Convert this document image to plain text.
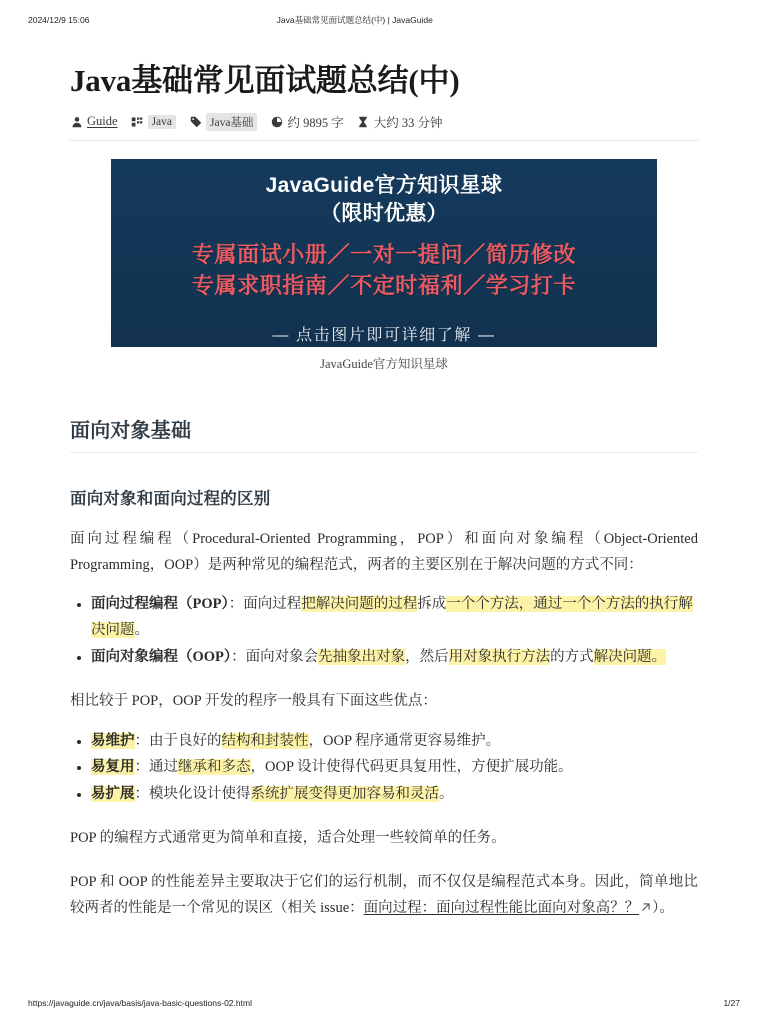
2024/12/9 15:06	Java基础常见面试题总结(中) | JavaGuide
Java基础常见面试题总结(中)
Guide	Java	Java基础	约 9895 字 大约 33 分钟
JavaGuide官方知识星球
（限时优惠）
专属面试小册／一对一提问／简历修改
专属求职指南／不定时福利／学习打卡
— 点击图片即可详细了解 —
JavaGuide官方知识星球
面向对象基础
面向对象和面向过程的区别

面向过程编程（Procedural-Oriented Programming，POP）和面向对象编程（Object-Oriented Programming，OOP）是两种常见的编程范式，两者的主要区别在于解决问题的方式不同：

• 面向过程编程（POP）：面向过程把解决问题的过程拆成一个个方法，通过一个个方法的执行解决问题。
• 面向对象编程（OOP）：面向对象会先抽象出对象，然后用对象执行方法的方式解决问题。

相比较于 POP，OOP 开发的程序一般具有下面这些优点：

• 易维护：由于良好的结构和封装性，OOP 程序通常更容易维护。
• 易复用：通过继承和多态，OOP 设计使得代码更具复用性，方便扩展功能。
• 易扩展：模块化设计使得系统扩展变得更加容易和灵活。

POP 的编程方式通常更为简单和直接，适合处理一些较简单的任务。

POP 和 OOP 的性能差异主要取决于它们的运行机制，而不仅仅是编程范式本身。因此，简单地比较两者的性能是一个常见的误区（相关 issue：面向过程：面向过程性能比面向对象高？？ ）。

https://javaguide.cn/java/basis/java-basic-questions-02.html	1/27
